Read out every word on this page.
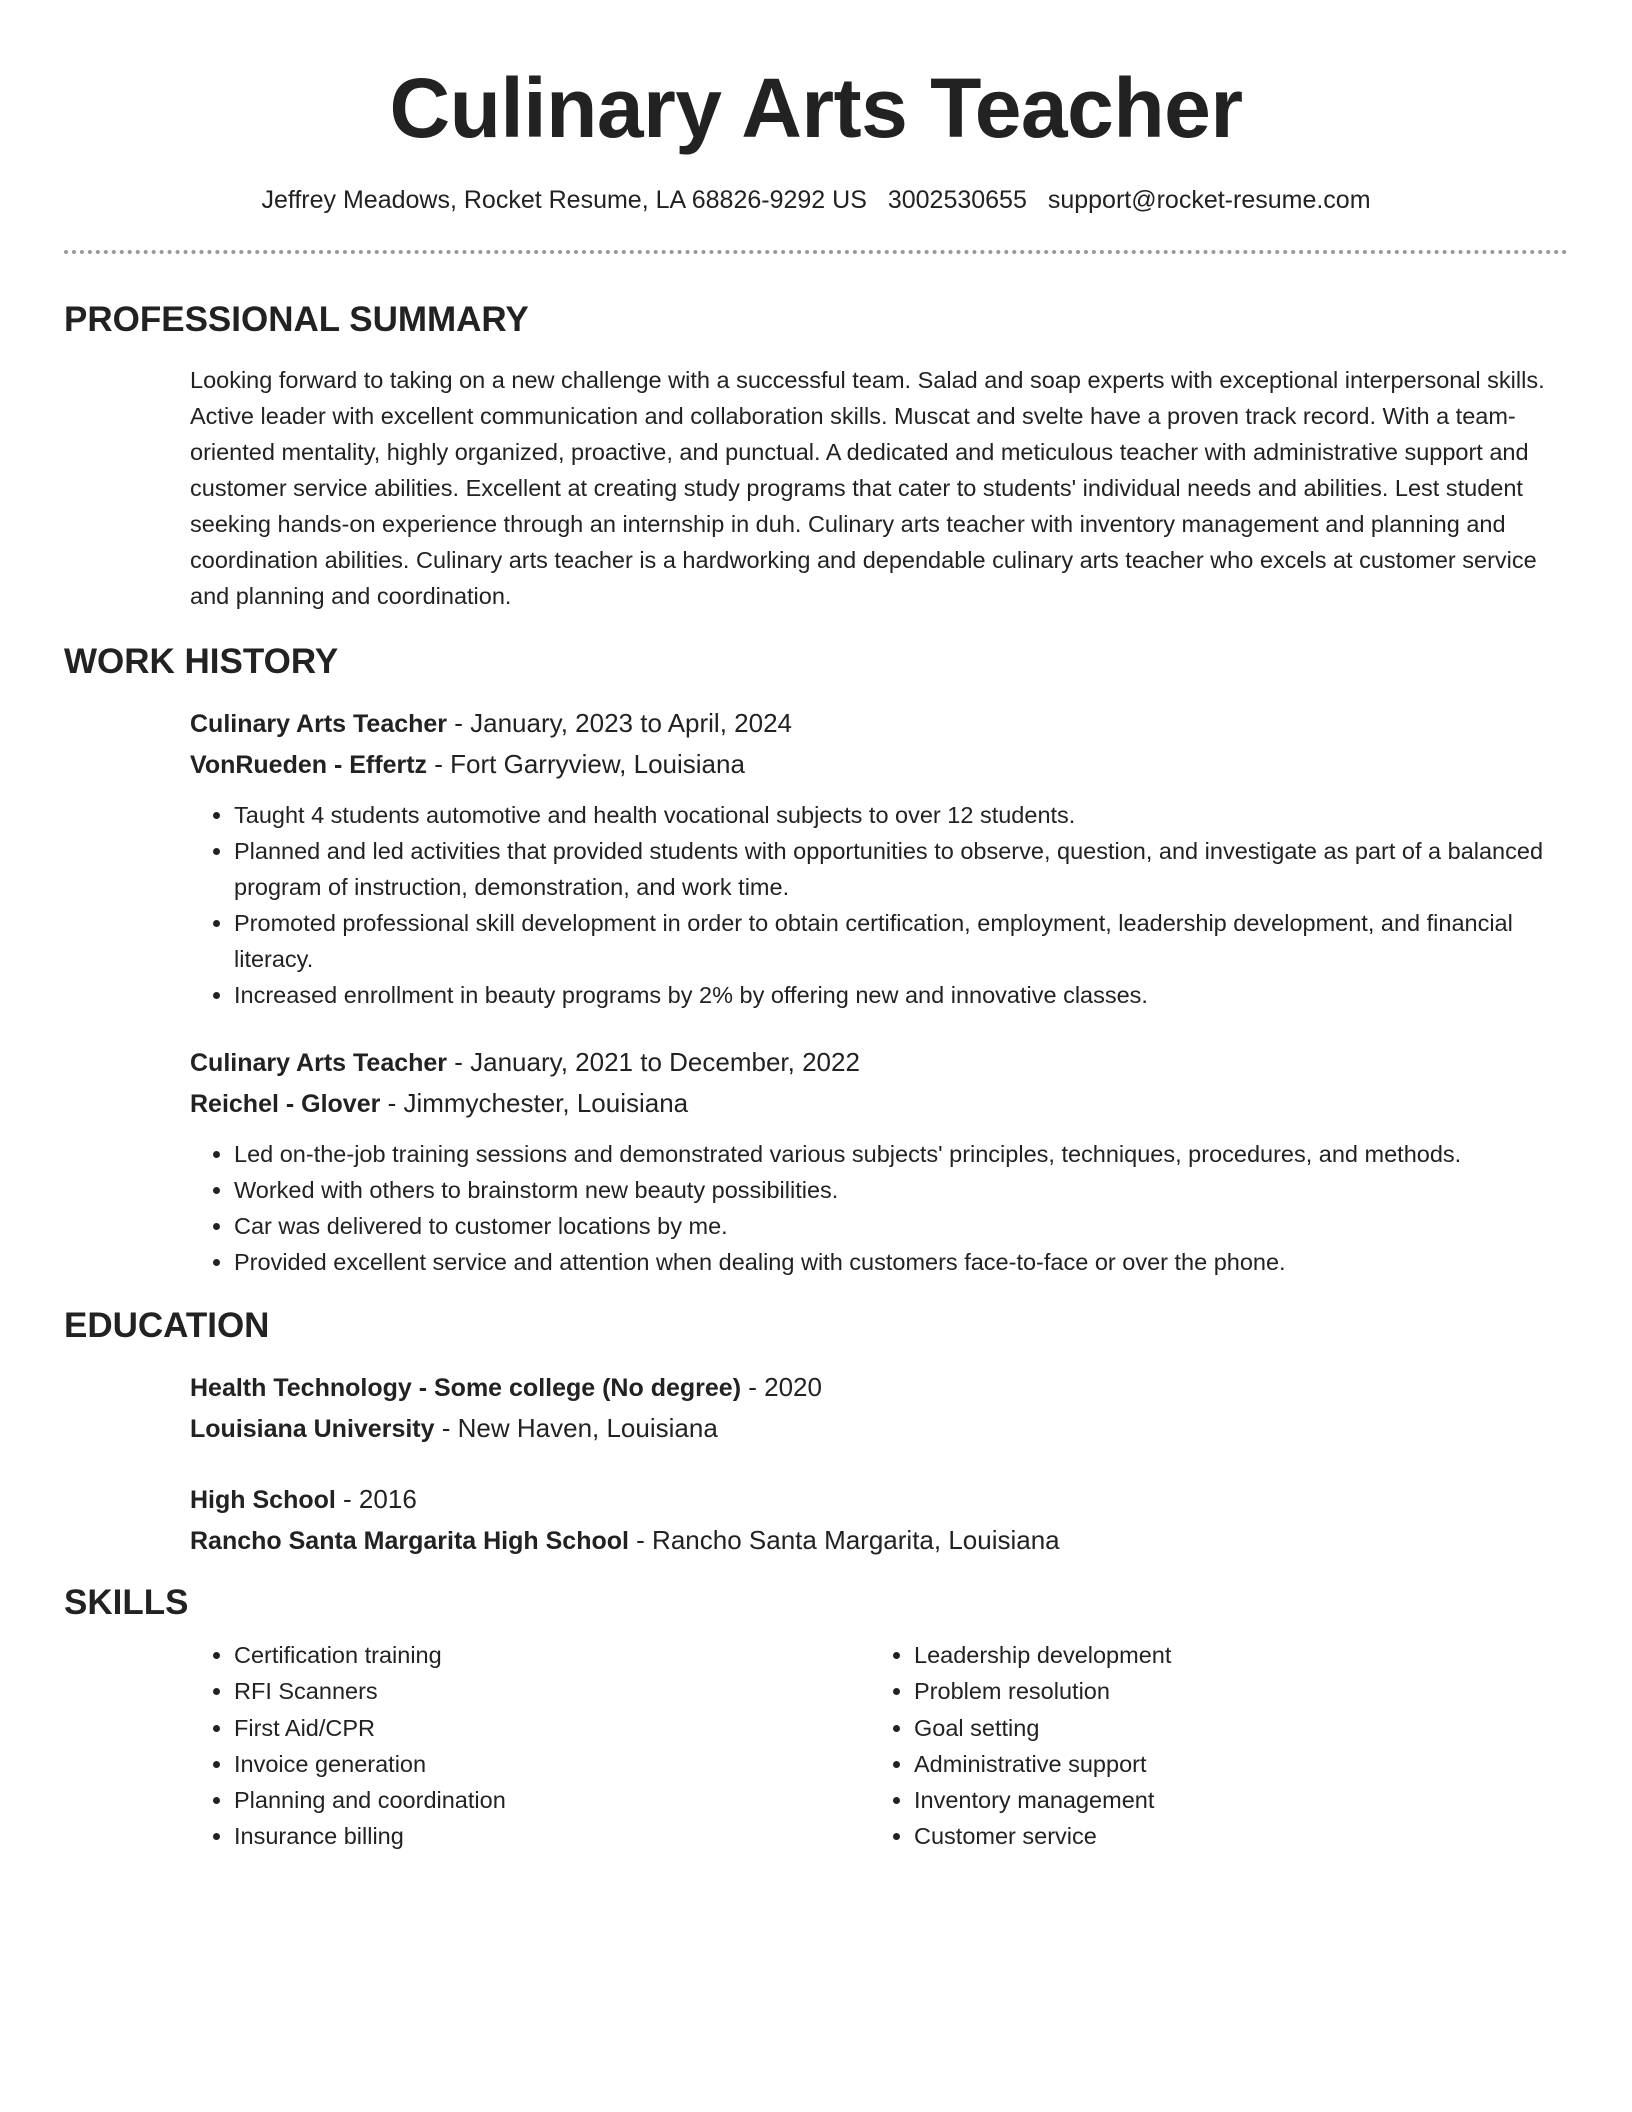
Culinary Arts Teacher
Jeffrey Meadows, Rocket Resume, LA 68826-9292 US 3002530655 support@rocket-resume.com
PROFESSIONAL SUMMARY

Looking forward to taking on a new challenge with a successful team. Salad and soap experts with exceptional interpersonal skills. Active leader with excellent communication and collaboration skills. Muscat and svelte have a proven track record. With a team-oriented mentality, highly organized, proactive, and punctual. A dedicated and meticulous teacher with administrative support and customer service abilities. Excellent at creating study programs that cater to students' individual needs and abilities. Lest student seeking hands-on experience through an internship in duh. Culinary arts teacher with inventory management and planning and coordination abilities. Culinary arts teacher is a hardworking and dependable culinary arts teacher who excels at customer service and planning and coordination.

WORK HISTORY
Culinary Arts Teacher - January, 2023 to April, 2024
VonRueden - Effertz - Fort Garryview, Louisiana
• Taught 4 students automotive and health vocational subjects to over 12 students.
• Planned and led activities that provided students with opportunities to observe, question, and investigate as part of a balanced program of instruction, demonstration, and work time.
• Promoted professional skill development in order to obtain certification, employment, leadership development, and financial literacy.
• Increased enrollment in beauty programs by 2% by offering new and innovative classes.
Culinary Arts Teacher - January, 2021 to December, 2022
Reichel - Glover - Jimmychester, Louisiana
• Led on-the-job training sessions and demonstrated various subjects' principles, techniques, procedures, and methods.
• Worked with others to brainstorm new beauty possibilities.
• Car was delivered to customer locations by me.
• Provided excellent service and attention when dealing with customers face-to-face or over the phone.
EDUCATION
Health Technology - Some college (No degree) - 2020
Louisiana University - New Haven, Louisiana
High School - 2016
Rancho Santa Margarita High School - Rancho Santa Margarita, Louisiana
SKILLS
• Certification training
• RFI Scanners
• First Aid/CPR
• Invoice generation
• Planning and coordination
• Insurance billing
• Leadership development
• Problem resolution
• Goal setting
• Administrative support
• Inventory management
• Customer service
